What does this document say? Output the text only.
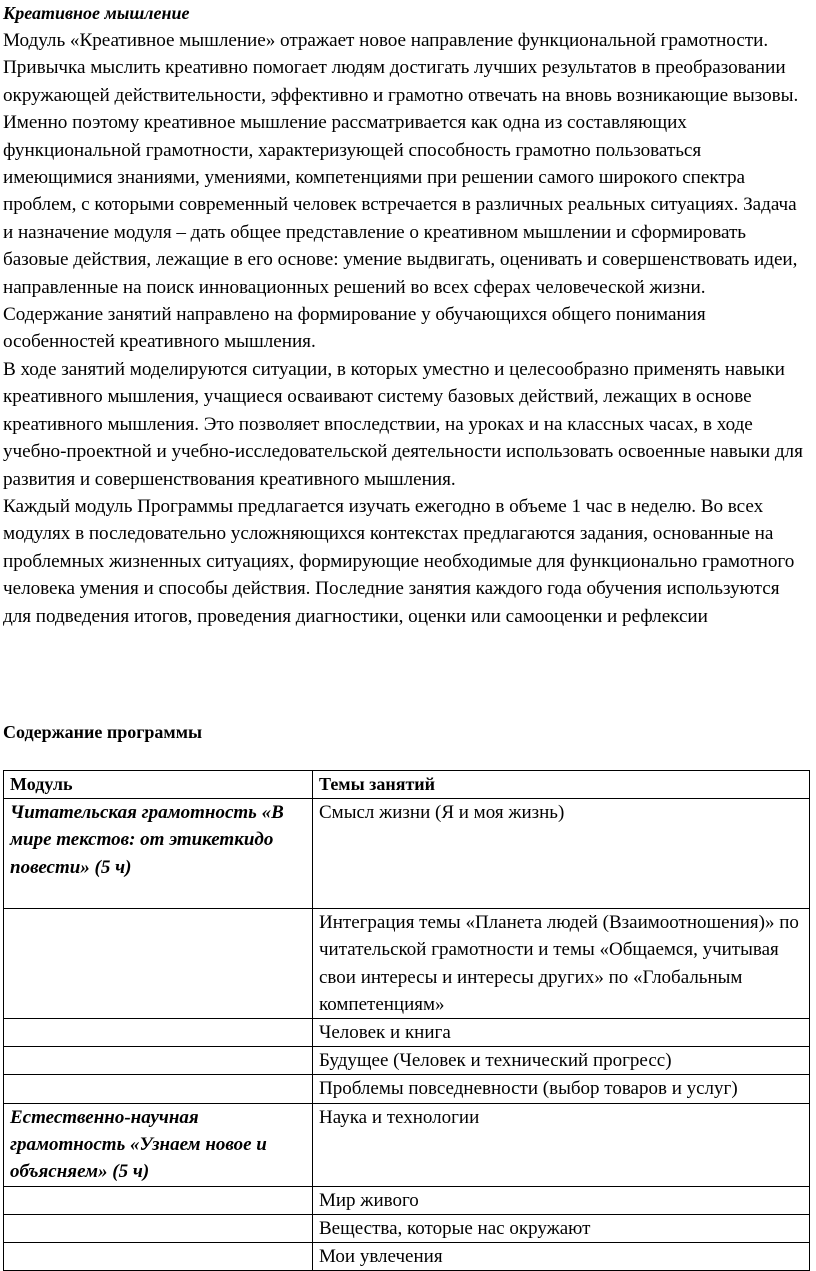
Креативное мышление

Модуль «Креативное мышление» отражает новое направление функциональной грамотности. Привычка мыслить креативно помогает людям достигать лучших результатов в преобразовании окружающей действительности, эффективно и грамотно отвечать на вновь возникающие вызовы. Именно поэтому креативное мышление рассматривается как одна из составляющих функциональной грамотности, характеризующей способность грамотно пользоваться имеющимися знаниями, умениями, компетенциями при решении самого широкого спектра проблем, с которыми современный человек встречается в различных реальных ситуациях. Задача и назначение модуля – дать общее представление о креативном мышлении и сформировать базовые действия, лежащие в его основе: умение выдвигать, оценивать и совершенствовать идеи, направленные на поиск инновационных решений во всех сферах человеческой жизни.

Содержание занятий направлено на формирование у обучающихся общего понимания особенностей креативного мышления.

В ходе занятий моделируются ситуации, в которых уместно и целесообразно применять навыки креативного мышления, учащиеся осваивают систему базовых действий, лежащих в основе креативного мышления. Это позволяет впоследствии, на уроках и на классных часах, в ходе учебно-проектной и учебно-исследовательской деятельности использовать освоенные навыки для развития и совершенствования креативного мышления.

Каждый модуль Программы предлагается изучать ежегодно в объеме 1 час в неделю. Во всех модулях в последовательно усложняющихся контекстах предлагаются задания, основанные на проблемных жизненных ситуациях, формирующие необходимые для функционально грамотного человека умения и способы действия. Последние занятия каждого года обучения используются для подведения итогов, проведения диагностики, оценки или самооценки и рефлексии

Содержание программы

Модуль	Темы занятий
Читательская грамотность «В мире текстов: от этикеткидо повести» (5 ч)	Смысл жизни (Я и моя жизнь)
	Интеграция темы «Планета людей (Взаимоотношения)» по читательской грамотности и темы «Общаемся, учитывая свои интересы и интересы других» по «Глобальным компетенциям»
	Человек и книга
	Будущее (Человек и технический прогресс)
	Проблемы повседневности (выбор товаров и услуг)
Естественно-научная грамотность «Узнаем новое и объясняем» (5 ч)	Наука и технологии
	Мир живого
	Вещества, которые нас окружают
	Мои увлечения
